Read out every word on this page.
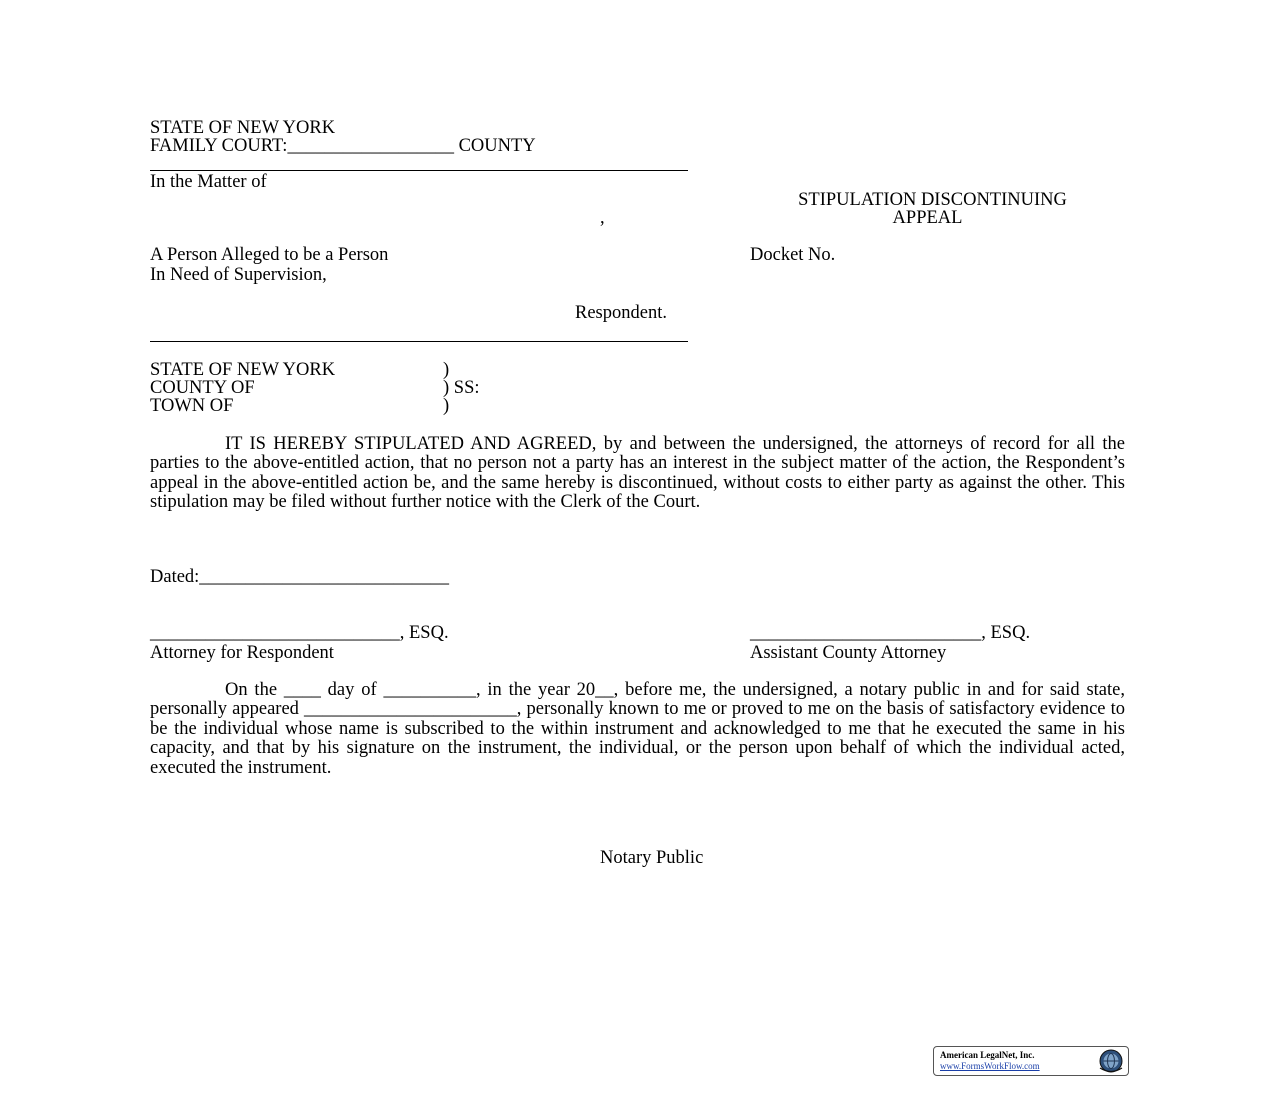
STATE OF NEW YORK
FAMILY COURT:__________________ COUNTY
In the Matter of
,
A Person Alleged to be a Person
In Need of Supervision,
Respondent.
STIPULATION DISCONTINUING
APPEAL
Docket No.
STATE OF NEW YORK	)
COUNTY OF	) SS:
TOWN OF	)
IT IS HEREBY STIPULATED AND AGREED, by and between the undersigned, the attorneys of record for all the parties to the above-entitled action, that no person not a party has an interest in the subject matter of the action, the Respondent’s appeal in the above-entitled action be, and the same hereby is discontinued, without costs to either party as against the other. This stipulation may be filed without further notice with the Clerk of the Court.
Dated:___________________________
___________________________, ESQ.
Attorney for Respondent
_________________________, ESQ.
Assistant County Attorney
On the ____ day of __________, in the year 20__, before me, the undersigned, a notary public in and for said state, personally appeared _______________________, personally known to me or proved to me on the basis of satisfactory evidence to be the individual whose name is subscribed to the within instrument and acknowledged to me that he executed the same in his capacity, and that by his signature on the instrument, the individual, or the person upon behalf of which the individual acted, executed the instrument.
Notary Public
American LegalNet, Inc.
www.FormsWorkFlow.com
